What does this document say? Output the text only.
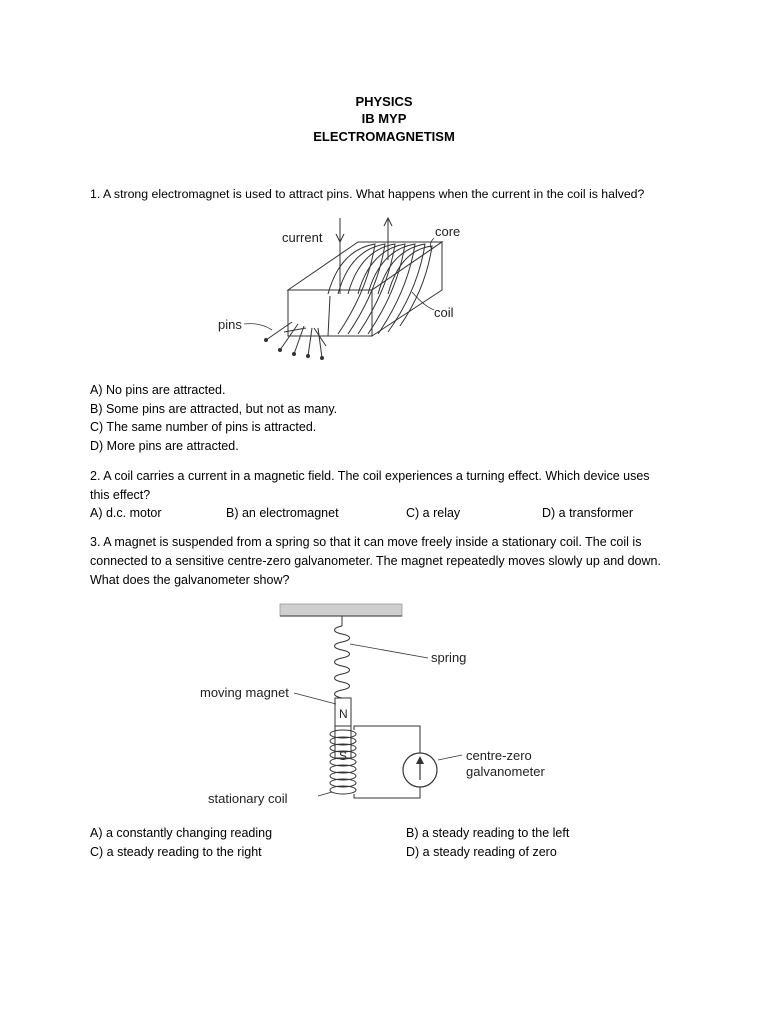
PHYSICS
IB MYP
ELECTROMAGNETISM
1. A strong electromagnet is used to attract pins. What happens when the current in the coil is halved?
current	core
coil
pins
A) No pins are attracted.
B) Some pins are attracted, but not as many.
C) The same number of pins is attracted.
D) More pins are attracted.
2. A coil carries a current in a magnetic field. The coil experiences a turning effect. Which device uses
this effect?
A) d.c. motor	B) an electromagnet	C) a relay	D) a transformer
3. A magnet is suspended from a spring so that it can move freely inside a stationary coil. The coil is
connected to a sensitive centre-zero galvanometer. The magnet repeatedly moves slowly up and down.
What does the galvanometer show?
N
S
spring
moving magnet
centre-zero
galvanometer
stationary coil
A) a constantly changing reading	B) a steady reading to the left
C) a steady reading to the right	D) a steady reading of zero
